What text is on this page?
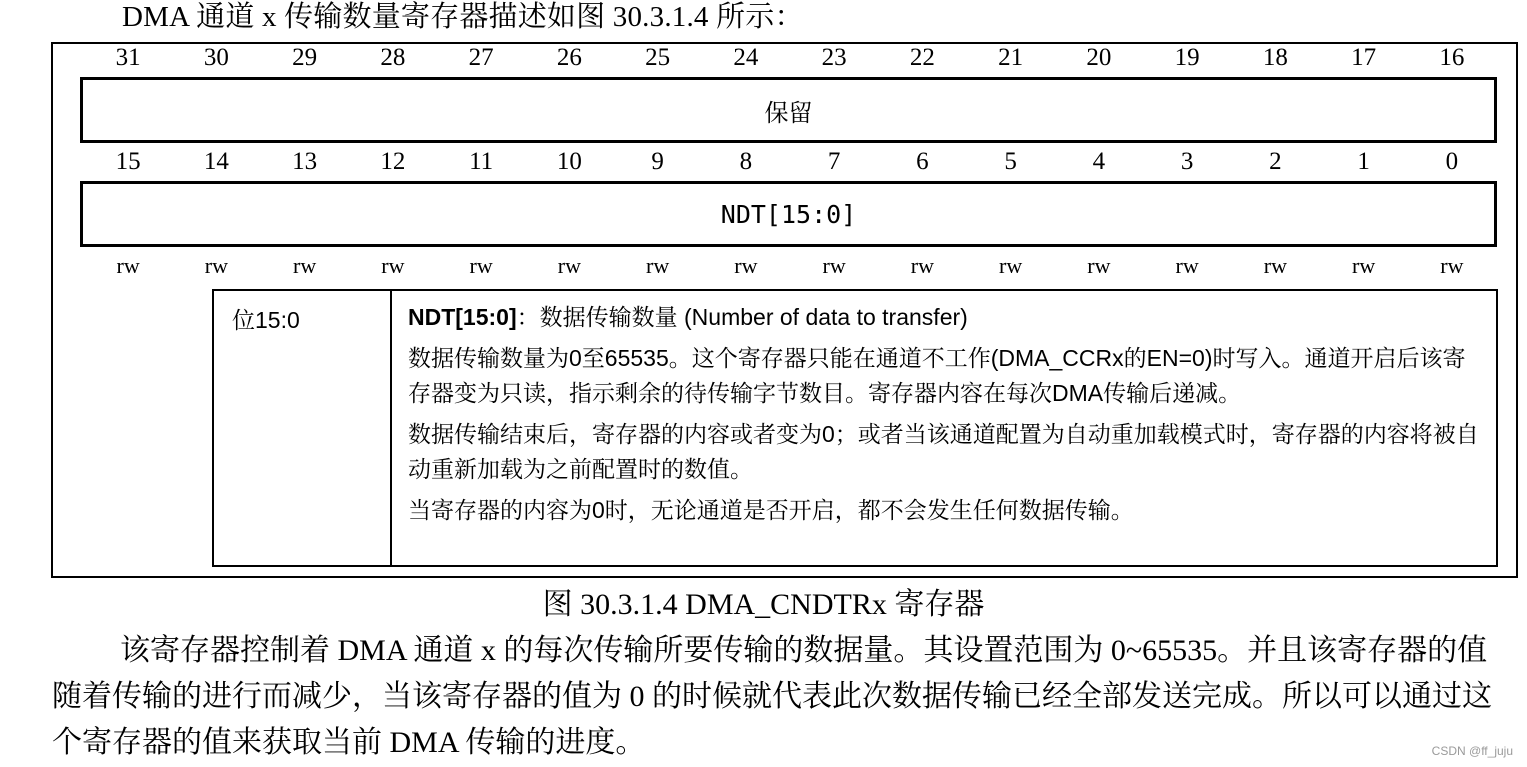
DMA 通道 x 传输数量寄存器描述如图 30.3.1.4 所示：
31	30	29	28	27	26	25	24	23	22	21	20	19	18	17	16
保留
15	14	13	12	11	10	9	8	7	6	5	4	3	2	1	0
NDT[15:0]
rw	rw	rw	rw	rw	rw	rw	rw	rw	rw	rw	rw	rw	rw	rw	rw
位15:0	NDT[15:0]：数据传输数量 (Number of data to transfer)

数据传输数量为0至65535。这个寄存器只能在通道不工作(DMA_CCRx的EN=0)时写入。通道开启后该寄存器变为只读，指示剩余的待传输字节数目。寄存器内容在每次DMA传输后递减。

数据传输结束后，寄存器的内容或者变为0；或者当该通道配置为自动重加载模式时，寄存器的内容将被自动重新加载为之前配置时的数值。

当寄存器的内容为0时，无论通道是否开启，都不会发生任何数据传输。

图 30.3.1.4 DMA_CNDTRx 寄存器
该寄存器控制着 DMA 通道 x 的每次传输所要传输的数据量。其设置范围为 0~65535。并且该寄存器的值随着传输的进行而减少，当该寄存器的值为 0 的时候就代表此次数据传输已经全部发送完成。所以可以通过这个寄存器的值来获取当前 DMA 传输的进度。	CSDN @ff_juju
